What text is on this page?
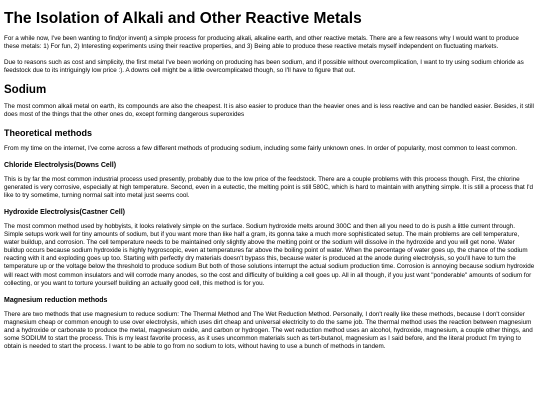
The Isolation of Alkali and Other Reactive Metals

For a while now, I've been wanting to find(or invent) a simple process for producing alkali, alkaline earth, and other reactive metals. There are a few reasons why I would want to produce these metals: 1) For fun, 2) Interesting experiments using their reactive properties, and 3) Being able to produce these reactive metals myself independent on fluctuating markets.

Due to reasons such as cost and simplicity, the first metal I've been working on producing has been sodium, and if possible without overcomplication, I want to try using sodium chloride as feedstock due to its intriguingly low price :). A downs cell might be a little overcomplicated though, so I'll have to figure that out.

Sodium

The most common alkali metal on earth, its compounds are also the cheapest. It is also easier to produce than the heavier ones and is less reactive and can be handled easier. Besides, it still does most of the things that the other ones do, except forming dangerous superoxides

Theoretical methods

From my time on the internet, I've come across a few different methods of producing sodium, including some fairly unknown ones. In order of popularity, most common to least common.

Chloride Electrolysis(Downs Cell)

This is by far the most common industrial process used presently, probably due to the low price of the feedstock. There are a couple problems with this process though. First, the chlorine generated is very corrosive, especially at high temperature. Second, even in a eutectic, the melting point is still 580C, which is hard to maintain with anything simple. It is still a process that I'd like to try sometime, turning normal salt into metal just seems cool.

Hydroxide Electrolysis(Castner Cell)

The most common method used by hobbyists, it looks relatively simple on the surface. Sodium hydroxide melts around 300C and then all you need to do is push a little current through. Simple setups work well for tiny amounts of sodium, but if you want more than like half a gram, its gonna take a much more sophisticated setup. The main problems are cell temperature, water buildup, and corrosion. The cell temperature needs to be maintained only slightly above the melting point or the sodium will dissolve in the hydroxide and you will get none. Water buildup occurs because sodium hydroxide is highly hygroscopic, even at temperatures far above the boiling point of water. When the percentage of water goes up, the chance of the sodium reacting with it and exploding goes up too. Starting with perfectly dry materials doesn't bypass this, because water is produced at the anode during electrolysis, so you'll have to turn the temperature up or the voltage below the threshold to produce sodium But both of those solutions interrupt the actual sodium production time. Corrosion is annoying because sodium hydroxide will react with most common insulators and will corrode many anodes, so the cost and difficulty of building a cell goes up. All in all though, if you just want "ponderable" amounts of sodium for collecting, or you want to torture yourself building an actually good cell, this method is for you.

Magnesium reduction methods

There are two methods that use magnesium to reduce sodium: The Thermal Method and The Wet Reduction Method. Personally, I don't really like these methods, because I don't consider magnesium cheap or common enough to use over electrolysis, which uses dirt cheap and universal electricity to do the same job. The thermal method uses the reaction between magnesium and a hydroxide or carbonate to produce the metal, magnesium oxide, and carbon or hydrogen. The wet reduction method uses an alcohol, hydroxide, magnesium, a couple other things, and some SODIUM to start the process. This is my least favorite process, as it uses uncommon materials such as tert-butanol, magnesium as I said before, and the literal product I'm trying to obtain is needed to start the process. I want to be able to go from no sodium to lots, without having to use a bunch of methods in tandem.
